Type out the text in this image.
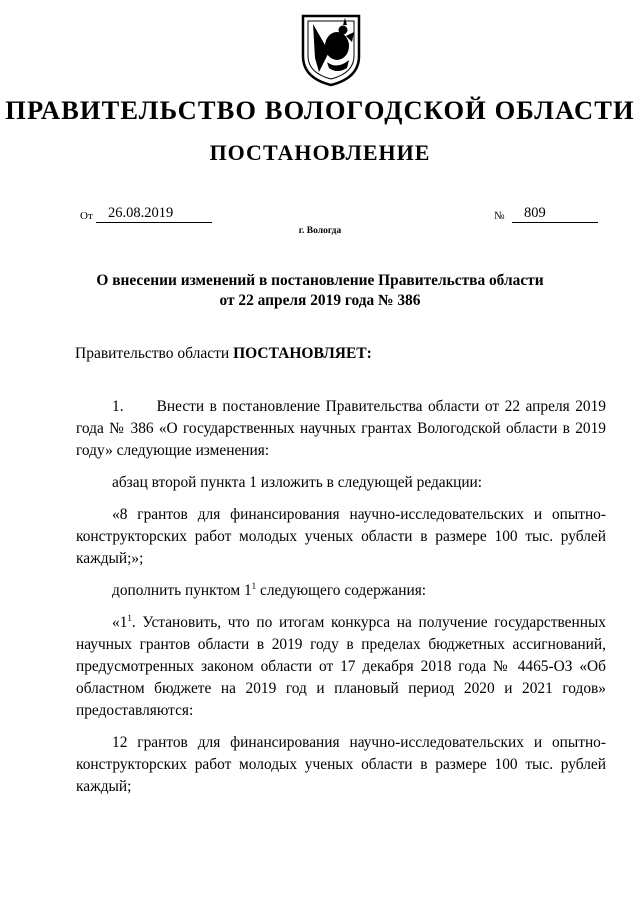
ПРАВИТЕЛЬСТВО ВОЛОГОДСКОЙ ОБЛАСТИ
ПОСТАНОВЛЕНИЕ
От	26.08.2019	№	809
г. Вологда
О внесении изменений в постановление Правительства области
от 22 апреля 2019 года № 386
Правительство области ПОСТАНОВЛЯЕТ:

1.      Внести в постановление Правительства области от 22 апреля 2019 года № 386 «О государственных научных грантах Вологодской области в 2019 году» следующие изменения:

абзац второй пункта 1 изложить в следующей редакции:

«8 грантов для финансирования научно-исследовательских и опытно-конструкторских работ молодых ученых области в размере 100 тыс. рублей каждый;»;

дополнить пунктом $1^1$ следующего содержания:

«$1^1$. Установить, что по итогам конкурса на получение государственных научных грантов области в 2019 году в пределах бюджетных ассигнований, предусмотренных законом области от 17 декабря 2018 года № 4465-ОЗ «Об областном бюджете на 2019 год и плановый период 2020 и 2021 годов» предоставляются:

12 грантов для финансирования научно-исследовательских и опытно-конструкторских работ молодых ученых области в размере 100 тыс. рублей каждый;
